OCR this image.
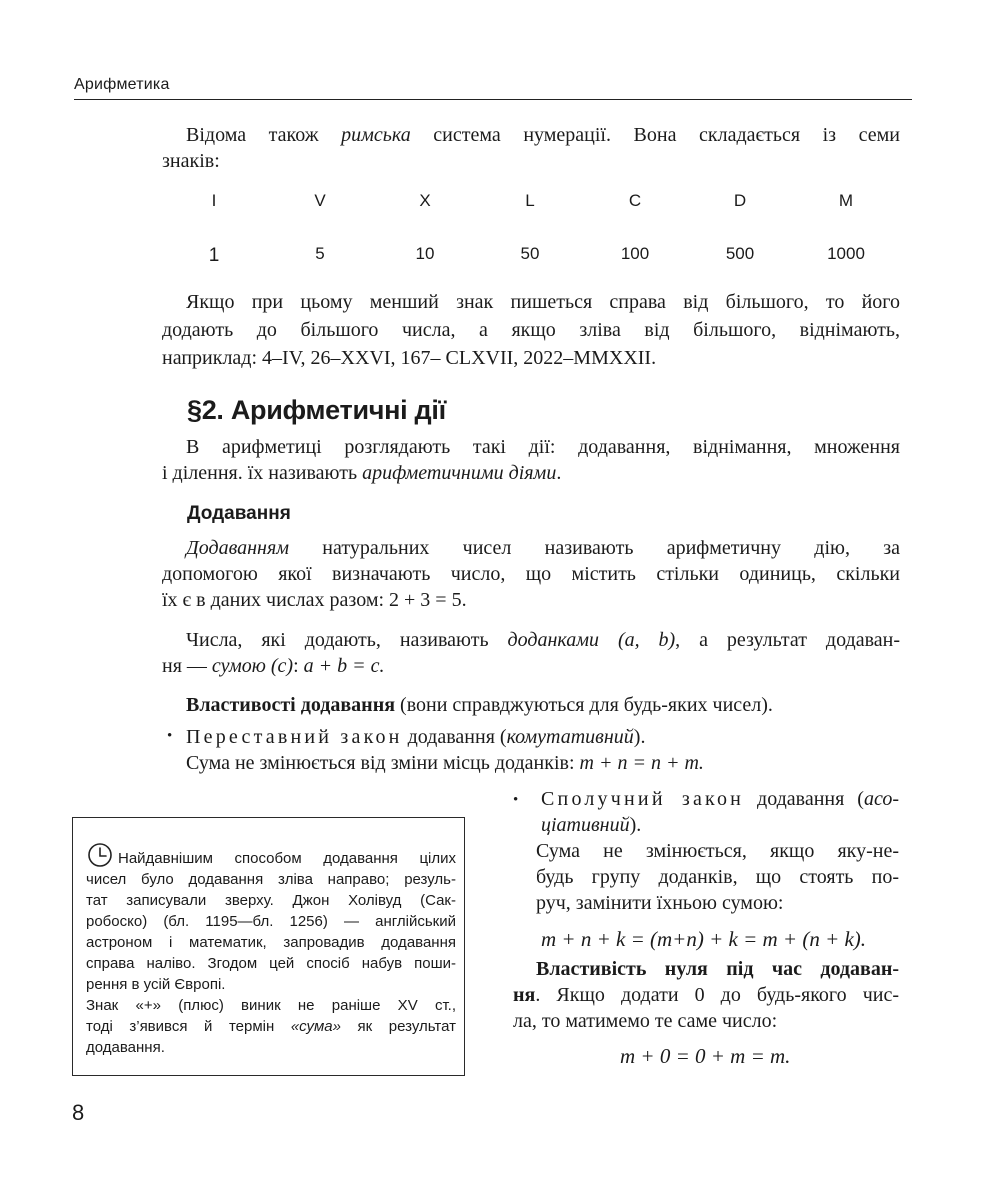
Арифметика

Відома також римська система нумерації. Вона складається із семи
знаків:

I	V	X	L	C	D	M
1	5	10	50	100	500	1000

Якщо при цьому менший знак пишеться справа від більшого, то його
додають до більшого числа, а якщо зліва від більшого, віднімають,
наприклад: 4–IV, 26–XXVI, 167– CLXVII, 2022–MMXXII.

§2. Арифметичні дії

В арифметиці розглядають такі дії: додавання, віднімання, множення
і ділення. їх називають арифметичними діями.

Додавання

Додаванням натуральних чисел називають арифметичну дію, за
допомогою якої визначають число, що містить стільки одиниць, скільки
їх є в даних числах разом: 2 + 3 = 5.

Числа, які додають, називають доданками (a, b), а результат додаван-
ня — сумою (c): a + b = c.

Властивості додавання (вони справджуються для будь-яких чисел).

• Переставний закон додавання (комутативний).
Сума не змінюється від зміни місць доданків: m + n = n + m.

• Сполучний закон додавання (асо-
ціативний).
Сума не змінюється, якщо яку-не-
будь групу доданків, що стоять по-
руч, замінити їхньою сумою:
m + n + k = (m+n) + k = m + (n + k).
Властивість нуля під час додаван-
ня. Якщо додати 0 до будь-якого чис-
ла, то матимемо те саме число:
m + 0 = 0 + m = m.
Найдавнішим способом додавання цілих
чисел було додавання зліва направо; резуль-
тат записували зверху. Джон Холівуд (Сак-
робоско) (бл. 1195—бл. 1256) — англійський
астроном і математик, запровадив додавання
справа наліво. Згодом цей спосіб набув поши-
рення в усій Європі.
Знак «+» (плюс) виник не раніше XV ст.,
тоді з’явився й термін «сума» як результат
додавання.
8
